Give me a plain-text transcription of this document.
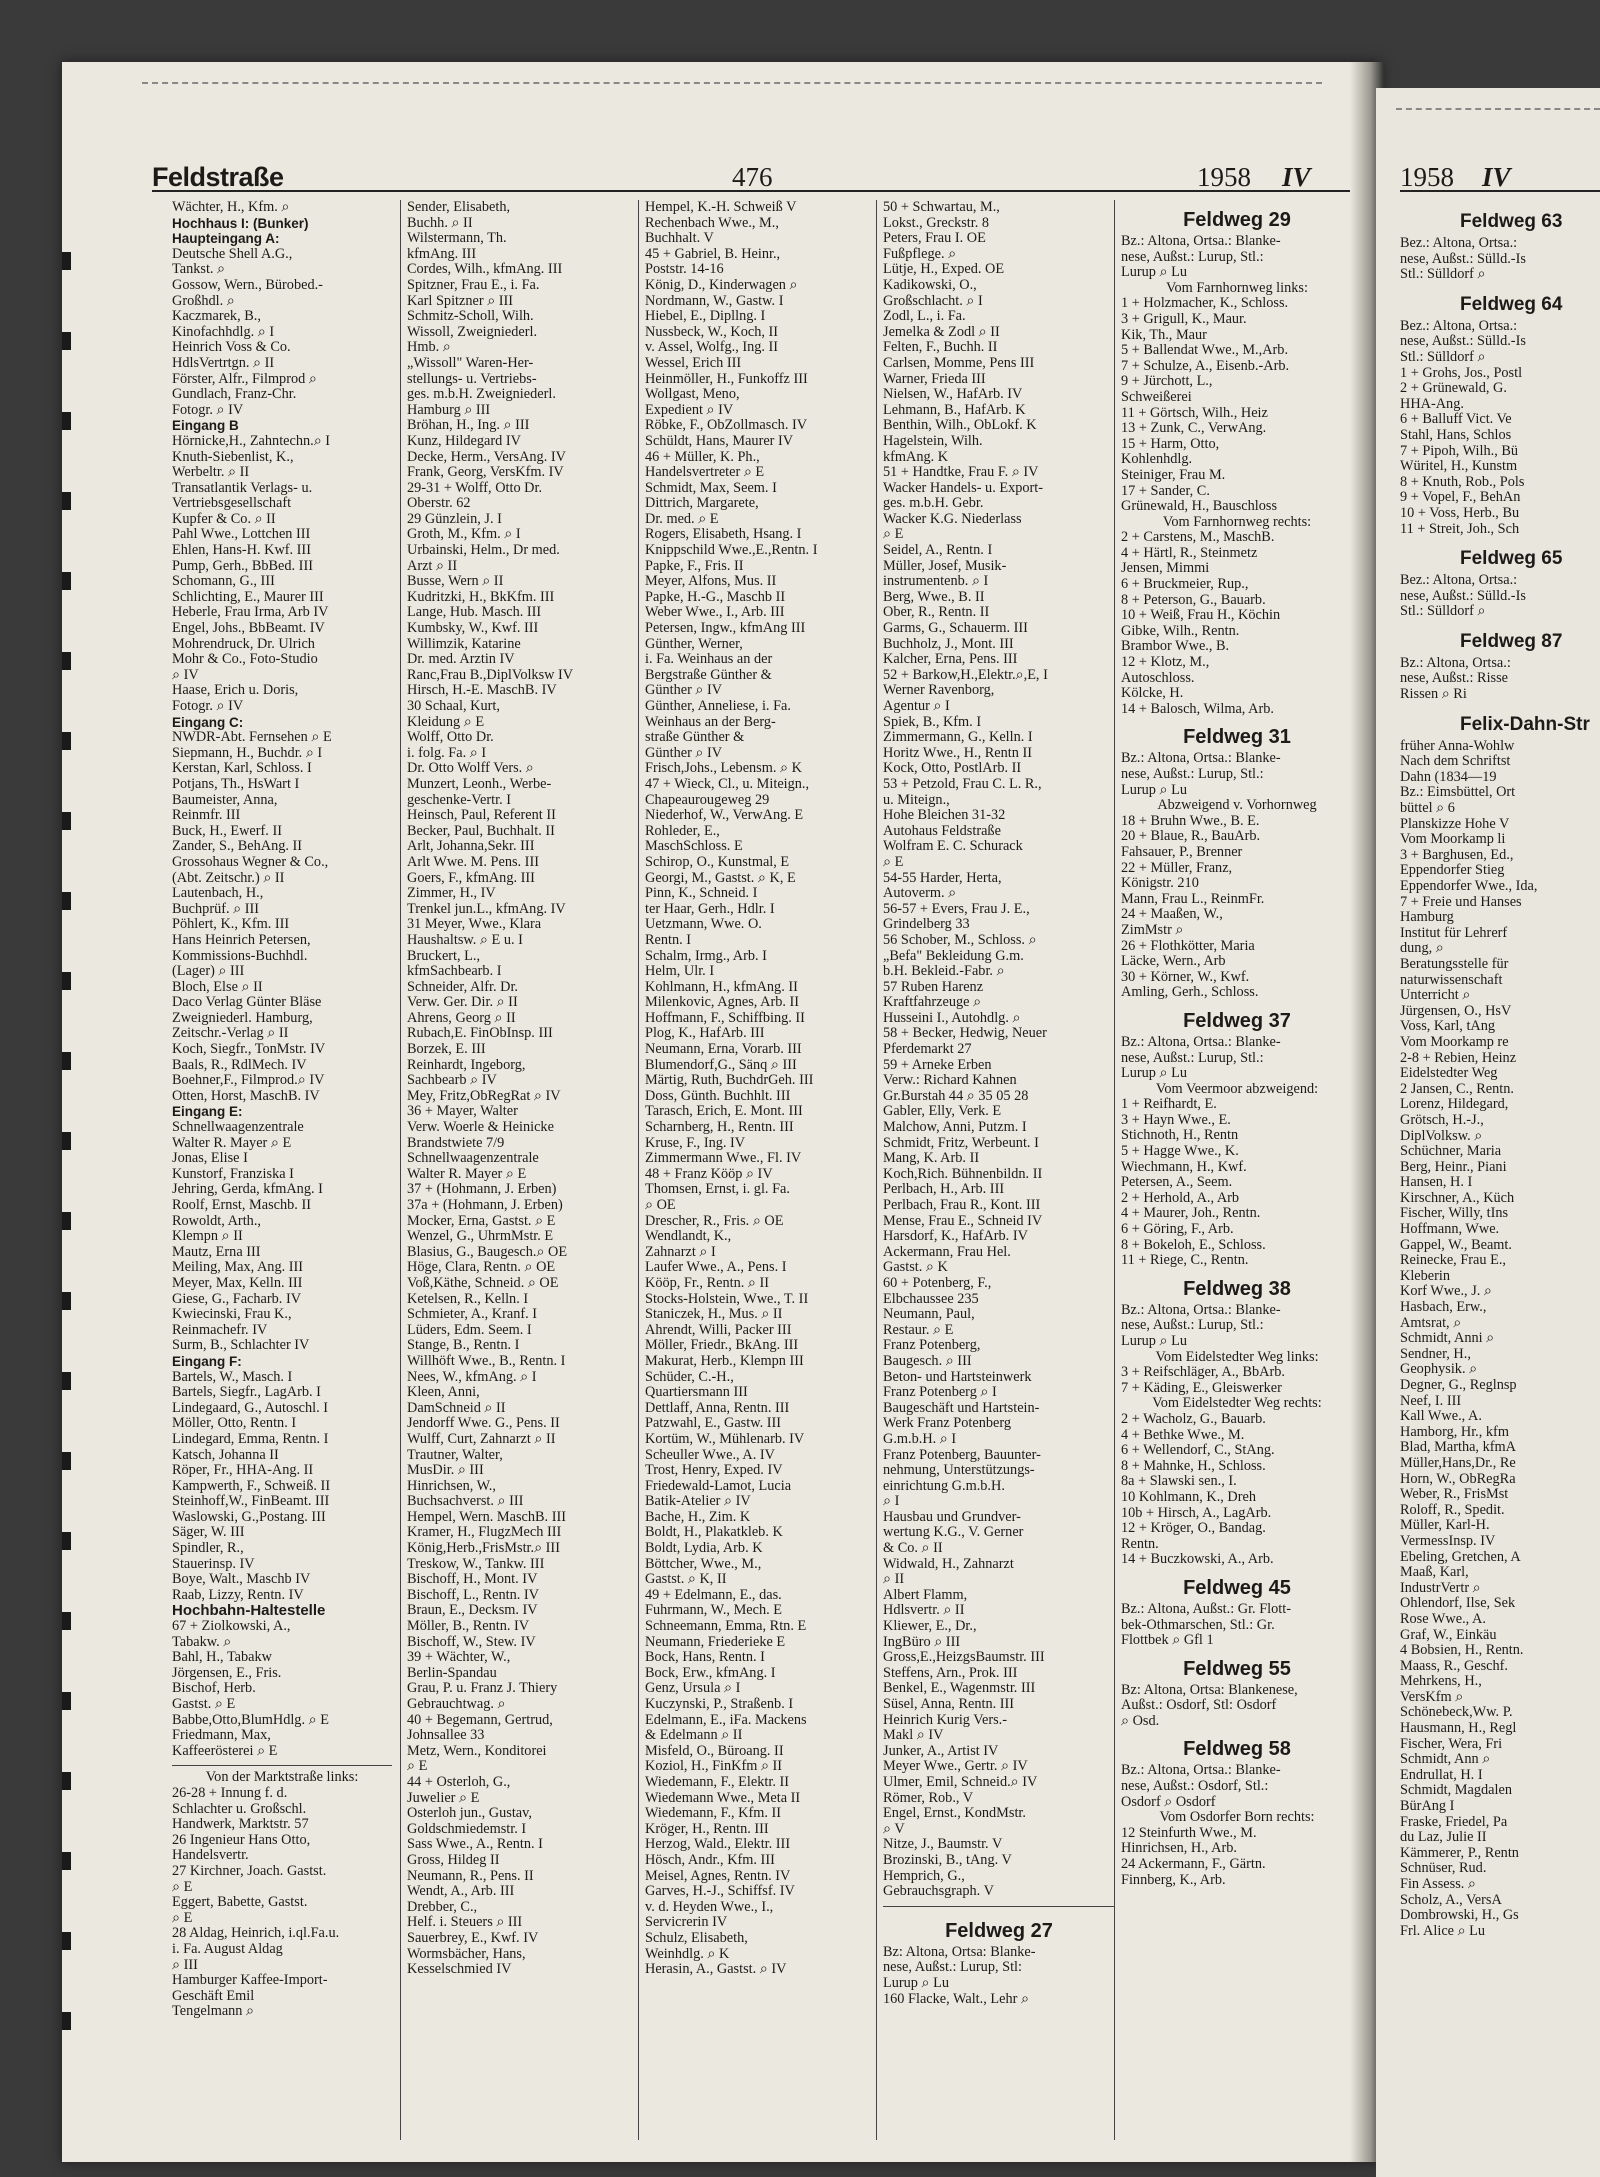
Feldstraße	476	1958 IV

Wächter, H., Kfm. ⌕

Hochhaus I: (Bunker)

Haupteingang A:

Deutsche Shell A.G.,

Tankst. ⌕

Gossow, Wern., Bürobed.-

Großhdl. ⌕

Kaczmarek, B.,

Kinofachhdlg. ⌕ I

Heinrich Voss & Co.

HdlsVertrtgn. ⌕ II

Förster, Alfr., Filmprod ⌕

Gundlach, Franz-Chr.

Fotogr. ⌕ IV

Eingang B

Hörnicke,H., Zahntechn.⌕ I

Knuth-Siebenlist, K.,

Werbeltr. ⌕ II

Transatlantik Verlags- u.

Vertriebsgesellschaft

Kupfer & Co. ⌕ II

Pahl Wwe., Lottchen III

Ehlen, Hans-H. Kwf. III

Pump, Gerh., BbBed. III

Schomann, G., III

Schlichting, E., Maurer III

Heberle, Frau Irma, Arb IV

Engel, Johs., BbBeamt. IV

Mohrendruck, Dr. Ulrich

Mohr & Co., Foto-Studio

⌕ IV

Haase, Erich u. Doris,

Fotogr. ⌕ IV

Eingang C:

NWDR-Abt. Fernsehen ⌕ E

Siepmann, H., Buchdr. ⌕ I

Kerstan, Karl, Schloss. I

Potjans, Th., HsWart I

Baumeister, Anna,

Reinmfr. III

Buck, H., Ewerf. II

Zander, S., BehAng. II

Grossohaus Wegner & Co.,

(Abt. Zeitschr.) ⌕ II

Lautenbach, H.,

Buchprüf. ⌕ III

Pöhlert, K., Kfm. III

Hans Heinrich Petersen,

Kommissions-Buchhdl.

(Lager) ⌕ III

Bloch, Else ⌕ II

Daco Verlag Günter Bläse

Zweigniederl. Hamburg,

Zeitschr.-Verlag ⌕ II

Koch, Siegfr., TonMstr. IV

Baals, R., RdlMech. IV

Boehner,F., Filmprod.⌕ IV

Otten, Horst, MaschB. IV

Eingang E:

Schnellwaagenzentrale

Walter R. Mayer ⌕ E

Jonas, Elise I

Kunstorf, Franziska I

Jehring, Gerda, kfmAng. I

Roolf, Ernst, Maschb. II

Rowoldt, Arth.,

Klempn ⌕ II

Mautz, Erna III

Meiling, Max, Ang. III

Meyer, Max, Kelln. III

Giese, G., Facharb. IV

Kwiecinski, Frau K.,

Reinmachefr. IV

Surm, B., Schlachter IV

Eingang F:

Bartels, W., Masch. I

Bartels, Siegfr., LagArb. I

Lindegaard, G., Autoschl. I

Möller, Otto, Rentn. I

Lindegard, Emma, Rentn. I

Katsch, Johanna II

Röper, Fr., HHA-Ang. II

Kampwerth, F., Schweiß. II

Steinhoff,W., FinBeamt. III

Waslowski, G.,Postang. III

Säger, W. III

Spindler, R.,

Stauerinsp. IV

Boye, Walt., Maschb IV

Raab, Lizzy, Rentn. IV

Hochbahn-Haltestelle

67 + Ziolkowski, A.,

Tabakw. ⌕

Bahl, H., Tabakw

Jörgensen, E., Fris.

Bischof, Herb.

Gastst. ⌕ E

Babbe,Otto,BlumHdlg. ⌕ E

Friedmann, Max,

Kaffeerösterei ⌕ E

Von der Marktstraße links:

26-28 + Innung f. d.

Schlachter u. Großschl.

Handwerk, Marktstr. 57

26 Ingenieur Hans Otto,

Handelsvertr.

27 Kirchner, Joach. Gastst.

⌕ E

Eggert, Babette, Gastst.

⌕ E

28 Aldag, Heinrich, i.ql.Fa.u.

i. Fa. August Aldag

⌕ III

Hamburger Kaffee-Import-

Geschäft Emil

Tengelmann ⌕

Sender, Elisabeth,

Buchh. ⌕ II

Wilstermann, Th.

kfmAng. III

Cordes, Wilh., kfmAng. III

Spitzner, Frau E., i. Fa.

Karl Spitzner ⌕ III

Schmitz-Scholl, Wilh.

Wissoll, Zweigniederl.

Hmb. ⌕

„Wissoll" Waren-Her-

stellungs- u. Vertriebs-

ges. m.b.H. Zweigniederl.

Hamburg ⌕ III

Bröhan, H., Ing. ⌕ III

Kunz, Hildegard IV

Decke, Herm., VersAng. IV

Frank, Georg, VersKfm. IV

29-31 + Wolff, Otto Dr.

Oberstr. 62

29 Günzlein, J. I

Groth, M., Kfm. ⌕ I

Urbainski, Helm., Dr med.

Arzt ⌕ II

Busse, Wern ⌕ II

Kudritzki, H., BkKfm. III

Lange, Hub. Masch. III

Kumbsky, W., Kwf. III

Willimzik, Katarine

Dr. med. Arztin IV

Ranc,Frau B.,DiplVolksw IV

Hirsch, H.-E. MaschB. IV

30 Schaal, Kurt,

Kleidung ⌕ E

Wolff, Otto Dr.

i. folg. Fa. ⌕ I

Dr. Otto Wolff Vers. ⌕

Munzert, Leonh., Werbe-

geschenke-Vertr. I

Heinsch, Paul, Referent II

Becker, Paul, Buchhalt. II

Arlt, Johanna,Sekr. III

Arlt Wwe. M. Pens. III

Goers, F., kfmAng. III

Zimmer, H., IV

Trenkel jun.L., kfmAng. IV

31 Meyer, Wwe., Klara

Haushaltsw. ⌕ E u. I

Bruckert, L.,

kfmSachbearb. I

Schneider, Alfr. Dr.

Verw. Ger. Dir. ⌕ II

Ahrens, Georg ⌕ II

Rubach,E. FinObInsp. III

Borzek, E. III

Reinhardt, Ingeborg,

Sachbearb ⌕ IV

Mey, Fritz,ObRegRat ⌕ IV

36 + Mayer, Walter

Verw. Woerle & Heinicke

Brandstwiete 7/9

Schnellwaagenzentrale

Walter R. Mayer ⌕ E

37 + (Hohmann, J. Erben)

37a + (Hohmann, J. Erben)

Mocker, Erna, Gastst. ⌕ E

Wenzel, G., UhrmMstr. E

Blasius, G., Baugesch.⌕ OE

Höge, Clara, Rentn. ⌕ OE

Voß,Käthe, Schneid. ⌕ OE

Ketelsen, R., Kelln. I

Schmieter, A., Kranf. I

Lüders, Edm. Seem. I

Stange, B., Rentn. I

Willhöft Wwe., B., Rentn. I

Nees, W., kfmAng. ⌕ I

Kleen, Anni,

DamSchneid ⌕ II

Jendorff Wwe. G., Pens. II

Wulff, Curt, Zahnarzt ⌕ II

Trautner, Walter,

MusDir. ⌕ III

Hinrichsen, W.,

Buchsachverst. ⌕ III

Hempel, Wern. MaschB. III

Kramer, H., FlugzMech III

König,Herb.,FrisMstr.⌕ III

Treskow, W., Tankw. III

Bischoff, H., Mont. IV

Bischoff, L., Rentn. IV

Braun, E., Decksm. IV

Möller, B., Rentn. IV

Bischoff, W., Stew. IV

39 + Wächter, W.,

Berlin-Spandau

Grau, P. u. Franz J. Thiery

Gebrauchtwag. ⌕

40 + Begemann, Gertrud,

Johnsallee 33

Metz, Wern., Konditorei

⌕ E

44 + Osterloh, G.,

Juwelier ⌕ E

Osterloh jun., Gustav,

Goldschmiedemstr. I

Sass Wwe., A., Rentn. I

Gross, Hildeg II

Neumann, R., Pens. II

Wendt, A., Arb. III

Drebber, C.,

Helf. i. Steuers ⌕ III

Sauerbrey, E., Kwf. IV

Wormsbächer, Hans,

Kesselschmied IV

Hempel, K.-H. Schweiß V

Rechenbach Wwe., M.,

Buchhalt. V

45 + Gabriel, B. Heinr.,

Poststr. 14-16

König, D., Kinderwagen ⌕

Nordmann, W., Gastw. I

Hiebel, E., Dipllng. I

Nussbeck, W., Koch, II

v. Assel, Wolfg., Ing. II

Wessel, Erich III

Heinmöller, H., Funkoffz III

Wollgast, Meno,

Expedient ⌕ IV

Röbke, F., ObZollmasch. IV

Schüldt, Hans, Maurer IV

46 + Müller, K. Ph.,

Handelsvertreter ⌕ E

Schmidt, Max, Seem. I

Dittrich, Margarete,

Dr. med. ⌕ E

Rogers, Elisabeth, Hsang. I

Knippschild Wwe.,E.,Rentn. I

Papke, F., Fris. II

Meyer, Alfons, Mus. II

Papke, H.-G., Maschb II

Weber Wwe., I., Arb. III

Petersen, Ingw., kfmAng III

Günther, Werner,

i. Fa. Weinhaus an der

Bergstraße Günther &

Günther ⌕ IV

Günther, Anneliese, i. Fa.

Weinhaus an der Berg-

straße Günther &

Günther ⌕ IV

Frisch,Johs., Lebensm. ⌕ K

47 + Wieck, Cl., u. Miteign.,

Chapeaurougeweg 29

Niederhof, W., VerwAng. E

Rohleder, E.,

MaschSchloss. E

Schirop, O., Kunstmal, E

Georgi, M., Gastst. ⌕ K, E

Pinn, K., Schneid. I

ter Haar, Gerh., Hdlr. I

Uetzmann, Wwe. O.

Rentn. I

Schalm, Irmg., Arb. I

Helm, Ulr. I

Kohlmann, H., kfmAng. II

Milenkovic, Agnes, Arb. II

Hoffmann, F., Schiffbing. II

Plog, K., HafArb. III

Neumann, Erna, Vorarb. III

Blumendorf,G., Sänq ⌕ III

Märtig, Ruth, BuchdrGeh. III

Doss, Günth. Buchhlt. III

Tarasch, Erich, E. Mont. III

Scharnberg, H., Rentn. III

Kruse, F., Ing. IV

Zimmermann Wwe., Fl. IV

48 + Franz Kööp ⌕ IV

Thomsen, Ernst, i. gl. Fa.

⌕ OE

Drescher, R., Fris. ⌕ OE

Wendlandt, K.,

Zahnarzt ⌕ I

Laufer Wwe., A., Pens. I

Kööp, Fr., Rentn. ⌕ II

Stocks-Holstein, Wwe., T. II

Staniczek, H., Mus. ⌕ II

Ahrendt, Willi, Packer III

Möller, Friedr., BkAng. III

Makurat, Herb., Klempn III

Schüder, C.-H.,

Quartiersmann III

Dettlaff, Anna, Rentn. III

Patzwahl, E., Gastw. III

Kortüm, W., Mühlenarb. IV

Scheuller Wwe., A. IV

Trost, Henry, Exped. IV

Friedewald-Lamot, Lucia

Batik-Atelier ⌕ IV

Bache, H., Zim. K

Boldt, H., Plakatkleb. K

Boldt, Lydia, Arb. K

Böttcher, Wwe., M.,

Gastst. ⌕ K, II

49 + Edelmann, E., das.

Fuhrmann, W., Mech. E

Schneemann, Emma, Rtn. E

Neumann, Friederieke E

Bock, Hans, Rentn. I

Bock, Erw., kfmAng. I

Genz, Ursula ⌕ I

Kuczynski, P., Straßenb. I

Edelmann, E., iFa. Mackens

& Edelmann ⌕ II

Misfeld, O., Büroang. II

Koziol, H., FinKfm ⌕ II

Wiedemann, F., Elektr. II

Wiedemann Wwe., Meta II

Wiedemann, F., Kfm. II

Kröger, H., Rentn. III

Herzog, Wald., Elektr. III

Hösch, Andr., Kfm. III

Meisel, Agnes, Rentn. IV

Garves, H.-J., Schiffsf. IV

v. d. Heyden Wwe., I.,

Servicrerin IV

Schulz, Elisabeth,

Weinhdlg. ⌕ K

Herasin, A., Gastst. ⌕ IV

50 + Schwartau, M.,

Lokst., Greckstr. 8

Peters, Frau I. OE

Fußpflege. ⌕

Lütje, H., Exped. OE

Kadikowski, O.,

Großschlacht. ⌕ I

Zodl, L., i. Fa.

Jemelka & Zodl ⌕ II

Felten, F., Buchh. II

Carlsen, Momme, Pens III

Warner, Frieda III

Nielsen, W., HafArb. IV

Lehmann, B., HafArb. K

Benthin, Wilh., ObLokf. K

Hagelstein, Wilh.

kfmAng. K

51 + Handtke, Frau F. ⌕ IV

Wacker Handels- u. Export-

ges. m.b.H. Gebr.

Wacker K.G. Niederlass

⌕ E

Seidel, A., Rentn. I

Müller, Josef, Musik-

instrumentenb. ⌕ I

Berg, Wwe., B. II

Ober, R., Rentn. II

Garms, G., Schauerm. III

Buchholz, J., Mont. III

Kalcher, Erna, Pens. III

52 + Barkow,H.,Elektr.⌕,E, I

Werner Ravenborg,

Agentur ⌕ I

Spiek, B., Kfm. I

Zimmermann, G., Kelln. I

Horitz Wwe., H., Rentn II

Kock, Otto, PostlArb. II

53 + Petzold, Frau C. L. R.,

u. Miteign.,

Hohe Bleichen 31-32

Autohaus Feldstraße

Wolfram E. C. Schurack

⌕ E

54-55 Harder, Herta,

Autoverm. ⌕

56-57 + Evers, Frau J. E.,

Grindelberg 33

56 Schober, M., Schloss. ⌕

„Befa" Bekleidung G.m.

b.H. Bekleid.-Fabr. ⌕

57 Ruben Harenz

Kraftfahrzeuge ⌕

Husseini I., Autohdlg. ⌕

58 + Becker, Hedwig, Neuer

Pferdemarkt 27

59 + Arneke Erben

Verw.: Richard Kahnen

Gr.Burstah 44 ⌕ 35 05 28

Gabler, Elly, Verk. E

Malchow, Anni, Putzm. I

Schmidt, Fritz, Werbeunt. I

Mang, K. Arb. II

Koch,Rich. Bühnenbildn. II

Perlbach, H., Arb. III

Perlbach, Frau R., Kont. III

Mense, Frau E., Schneid IV

Harsdorf, K., HafArb. IV

Ackermann, Frau Hel.

Gastst. ⌕ K

60 + Potenberg, F.,

Elbchaussee 235

Neumann, Paul,

Restaur. ⌕ E

Franz Potenberg,

Baugesch. ⌕ III

Beton- und Hartsteinwerk

Franz Potenberg ⌕ I

Baugeschäft und Hartstein-

Werk Franz Potenberg

G.m.b.H. ⌕ I

Franz Potenberg, Bauunter-

nehmung, Unterstützungs-

einrichtung G.m.b.H.

⌕ I

Hausbau und Grundver-

wertung K.G., V. Gerner

& Co. ⌕ II

Widwald, H., Zahnarzt

⌕ II

Albert Flamm,

Hdlsvertr. ⌕ II

Kliewer, E., Dr.,

IngBüro ⌕ III

Gross,E.,HeizgsBaumstr. III

Steffens, Arn., Prok. III

Benkel, E., Wagenmstr. III

Süsel, Anna, Rentn. III

Heinrich Kurig Vers.-

Makl ⌕ IV

Junker, A., Artist IV

Meyer Wwe., Gertr. ⌕ IV

Ulmer, Emil, Schneid.⌕ IV

Römer, Rob., V

Engel, Ernst., KondMstr.

⌕ V

Nitze, J., Baumstr. V

Brozinski, B., tAng. V

Hemprich, G.,

Gebrauchsgraph. V

Feldweg 27

Bz: Altona, Ortsa: Blanke-

nese, Außst.: Lurup, Stl:

Lurup ⌕ Lu

160 Flacke, Walt., Lehr ⌕

Feldweg 29

Bz.: Altona, Ortsa.: Blanke-

nese, Außst.: Lurup, Stl.:

Lurup ⌕ Lu

Vom Farnhornweg links:

1 + Holzmacher, K., Schloss.

3 + Grigull, K., Maur.

Kik, Th., Maur

5 + Ballendat Wwe., M.,Arb.

7 + Schulze, A., Eisenb.-Arb.

9 + Jürchott, L.,

Schweißerei

11 + Görtsch, Wilh., Heiz

13 + Zunk, C., VerwAng.

15 + Harm, Otto,

Kohlenhdlg.

Steiniger, Frau M.

17 + Sander, C.

Grünewald, H., Bauschloss

Vom Farnhornweg rechts:

2 + Carstens, M., MaschB.

4 + Härtl, R., Steinmetz

Jensen, Mimmi

6 + Bruckmeier, Rup.,

8 + Peterson, G., Bauarb.

10 + Weiß, Frau H., Köchin

Gibke, Wilh., Rentn.

Brambor Wwe., B.

12 + Klotz, M.,

Autoschloss.

Kölcke, H.

14 + Balosch, Wilma, Arb.

Feldweg 31

Bz.: Altona, Ortsa.: Blanke-

nese, Außst.: Lurup, Stl.:

Lurup ⌕ Lu

Abzweigend v. Vorhornweg

18 + Bruhn Wwe., B. E.

20 + Blaue, R., BauArb.

Fahsauer, P., Brenner

22 + Müller, Franz,

Königstr. 210

Mann, Frau L., ReinmFr.

24 + Maaßen, W.,

ZimMstr ⌕

26 + Flothkötter, Maria

Läcke, Wern., Arb

30 + Körner, W., Kwf.

Amling, Gerh., Schloss.

Feldweg 37

Bz.: Altona, Ortsa.: Blanke-

nese, Außst.: Lurup, Stl.:

Lurup ⌕ Lu

Vom Veermoor abzweigend:

1 + Reifhardt, E.

3 + Hayn Wwe., E.

Stichnoth, H., Rentn

5 + Hagge Wwe., K.

Wiechmann, H., Kwf.

Petersen, A., Seem.

2 + Herhold, A., Arb

4 + Maurer, Joh., Rentn.

6 + Göring, F., Arb.

8 + Bokeloh, E., Schloss.

11 + Riege, C., Rentn.

Feldweg 38

Bz.: Altona, Ortsa.: Blanke-

nese, Außst.: Lurup, Stl.:

Lurup ⌕ Lu

Vom Eidelstedter Weg links:

3 + Reifschläger, A., BbArb.

7 + Käding, E., Gleiswerker

Vom Eidelstedter Weg rechts:

2 + Wacholz, G., Bauarb.

4 + Bethke Wwe., M.

6 + Wellendorf, C., StAng.

8 + Mahnke, H., Schloss.

8a + Slawski sen., I.

10 Kohlmann, K., Dreh

10b + Hirsch, A., LagArb.

12 + Kröger, O., Bandag.

Rentn.

14 + Buczkowski, A., Arb.

Feldweg 45

Bz.: Altona, Außst.: Gr. Flott-

bek-Othmarschen, Stl.: Gr.

Flottbek ⌕ Gfl 1

Feldweg 55

Bz: Altona, Ortsa: Blankenese,

Außst.: Osdorf, Stl: Osdorf

⌕ Osd.

Feldweg 58

Bz.: Altona, Ortsa.: Blanke-

nese, Außst.: Osdorf, Stl.:

Osdorf ⌕ Osdorf

Vom Osdorfer Born rechts:

12 Steinfurth Wwe., M.

Hinrichsen, H., Arb.

24 Ackermann, F., Gärtn.

Finnberg, K., Arb.

1958 IV

Feldweg 63

Bez.: Altona, Ortsa.:

nese, Außst.: Sülld.-Is

Stl.: Sülldorf ⌕

Feldweg 64

Bez.: Altona, Ortsa.:

nese, Außst.: Sülld.-Is

Stl.: Sülldorf ⌕

1 + Grohs, Jos., Postl

2 + Grünewald, G.

HHA-Ang.

6 + Balluff Vict. Ve

Stahl, Hans, Schlos

7 + Pipoh, Wilh., Bü

Würitel, H., Kunstm

8 + Knuth, Rob., Pols

9 + Vopel, F., BehAn

10 + Voss, Herb., Bu

11 + Streit, Joh., Sch

Feldweg 65

Bez.: Altona, Ortsa.:

nese, Außst.: Sülld.-Is

Stl.: Sülldorf ⌕

Feldweg 87

Bz.: Altona, Ortsa.:

nese, Außst.: Risse

Rissen ⌕ Ri

Felix-Dahn-Str

früher Anna-Wohlw

Nach dem Schriftst

Dahn (1834—19

Bz.: Eimsbüttel, Ort

büttel ⌕ 6

Planskizze Hohe V

Vom Moorkamp li

3 + Barghusen, Ed.,

Eppendorfer Stieg

Eppendorfer Wwe., Ida,

7 + Freie und Hanses

Hamburg

Institut für Lehrerf

dung, ⌕

Beratungsstelle für

naturwissenschaft

Unterricht ⌕

Jürgensen, O., HsV

Voss, Karl, tAng

Vom Moorkamp re

2-8 + Rebien, Heinz

Eidelstedter Weg

2 Jansen, C., Rentn.

Lorenz, Hildegard,

Grötsch, H.-J.,

DiplVolksw. ⌕

Schüchner, Maria

Berg, Heinr., Piani

Hansen, H. I

Kirschner, A., Küch

Fischer, Willy, tIns

Hoffmann, Wwe.

Gappel, W., Beamt.

Reinecke, Frau E.,

Kleberin

Korf Wwe., J. ⌕

Hasbach, Erw.,

Amtsrat, ⌕

Schmidt, Anni ⌕

Sendner, H.,

Geophysik. ⌕

Degner, G., Reglnsp

Neef, I. III

Kall Wwe., A.

Hamborg, Hr., kfm

Blad, Martha, kfmA

Müller,Hans,Dr., Re

Horn, W., ObRegRa

Weber, R., FrisMst

Roloff, R., Spedit.

Müller, Karl-H.

VermessInsp. IV

Ebeling, Gretchen, A

Maaß, Karl,

IndustrVertr ⌕

Ohlendorf, Ilse, Sek

Rose Wwe., A.

Graf, W., Einkäu

4 Bobsien, H., Rentn.

Maass, R., Geschf.

Mehrkens, H.,

VersKfm ⌕

Schönebeck,Ww. P.

Hausmann, H., Regl

Fischer, Wera, Fri

Schmidt, Ann ⌕

Endrullat, H. I

Schmidt, Magdalen

BürAng I

Fraske, Friedel, Pa

du Laz, Julie II

Kämmerer, P., Rentn

Schnüser, Rud.

Fin Assess. ⌕

Scholz, A., VersA

Dombrowski, H., Gs

Frl. Alice ⌕ Lu
